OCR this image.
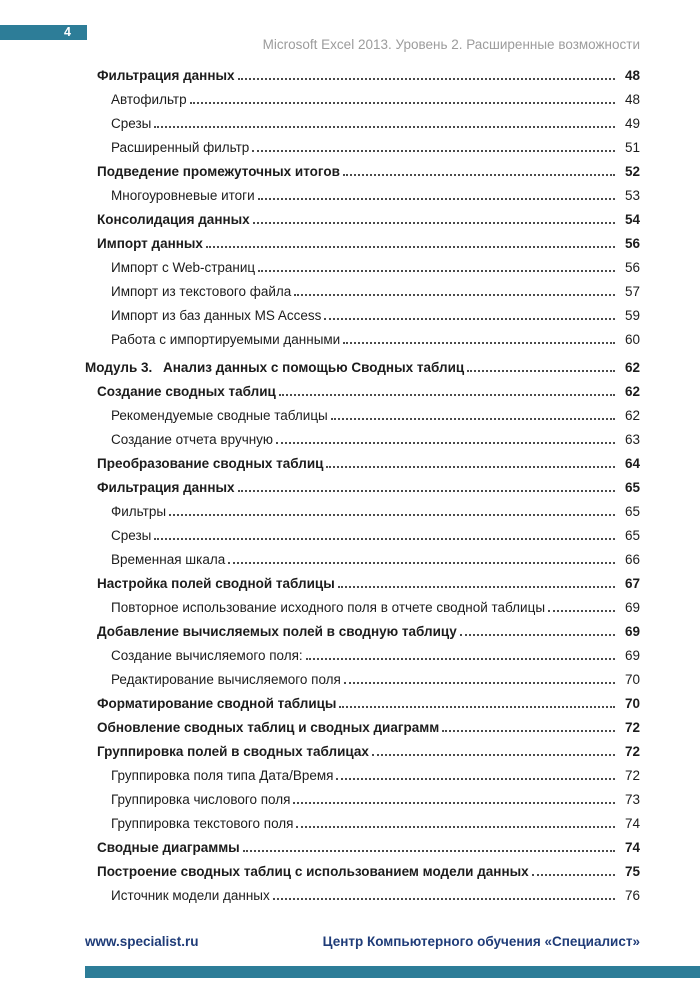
4
Microsoft Excel 2013. Уровень 2. Расширенные возможности
Фильтрация данных	48
Автофильтр	48
Срезы	49
Расширенный фильтр	51
Подведение промежуточных итогов	52
Многоуровневые итоги	53
Консолидация данных	54
Импорт данных	56
Импорт с Web-страниц	56
Импорт из текстового файла	57
Импорт из баз данных MS Access	59
Работа с импортируемыми данными	60
Модуль 3. Анализ данных с помощью Сводных таблиц	62
Создание сводных таблиц	62
Рекомендуемые сводные таблицы	62
Создание отчета вручную	63
Преобразование сводных таблиц	64
Фильтрация данных	65
Фильтры	65
Срезы	65
Временная шкала	66
Настройка полей сводной таблицы	67
Повторное использование исходного поля в отчете сводной таблицы	69
Добавление вычисляемых полей в сводную таблицу	69
Создание вычисляемого поля:	69
Редактирование вычисляемого поля	70
Форматирование сводной таблицы	70
Обновление сводных таблиц и сводных диаграмм	72
Группировка полей в сводных таблицах	72
Группировка поля типа Дата/Время	72
Группировка числового поля	73
Группировка текстового поля	74
Сводные диаграммы	74
Построение сводных таблиц с использованием модели данных	75
Источник модели данных	76
www.specialist.ru	Центр Компьютерного обучения «Специалист»
